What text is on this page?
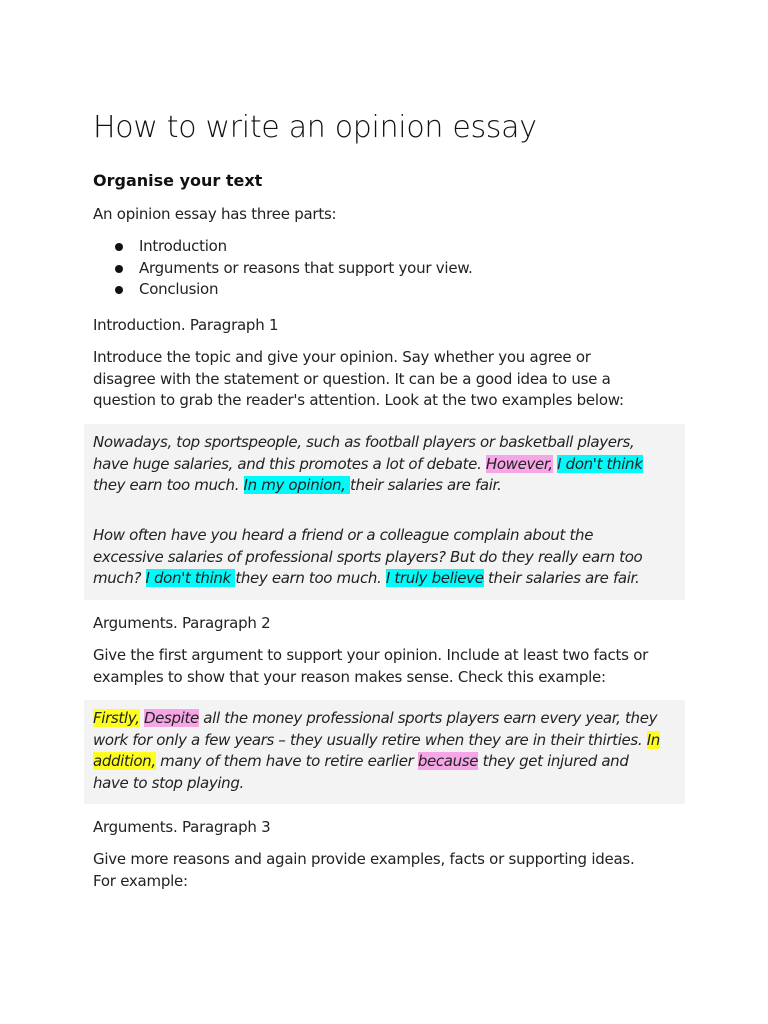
How to write an opinion essay
Organise your text

An opinion essay has three parts:

Introduction
Arguments or reasons that support your view.
Conclusion

Introduction. Paragraph 1

Introduce the topic and give your opinion. Say whether you agree or
disagree with the statement or question. It can be a good idea to use a
question to grab the reader's attention. Look at the two examples below:

Nowadays, top sportspeople, such as football players or basketball players,
have huge salaries, and this promotes a lot of debate. However, I don't think
they earn too much. In my opinion, their salaries are fair.

How often have you heard a friend or a colleague complain about the
excessive salaries of professional sports players? But do they really earn too
much? I don't think they earn too much. I truly believe their salaries are fair.

Arguments. Paragraph 2

Give the first argument to support your opinion. Include at least two facts or
examples to show that your reason makes sense. Check this example:

Firstly, Despite all the money professional sports players earn every year, they
work for only a few years – they usually retire when they are in their thirties. In
addition, many of them have to retire earlier because they get injured and
have to stop playing.

Arguments. Paragraph 3

Give more reasons and again provide examples, facts or supporting ideas.
For example:
